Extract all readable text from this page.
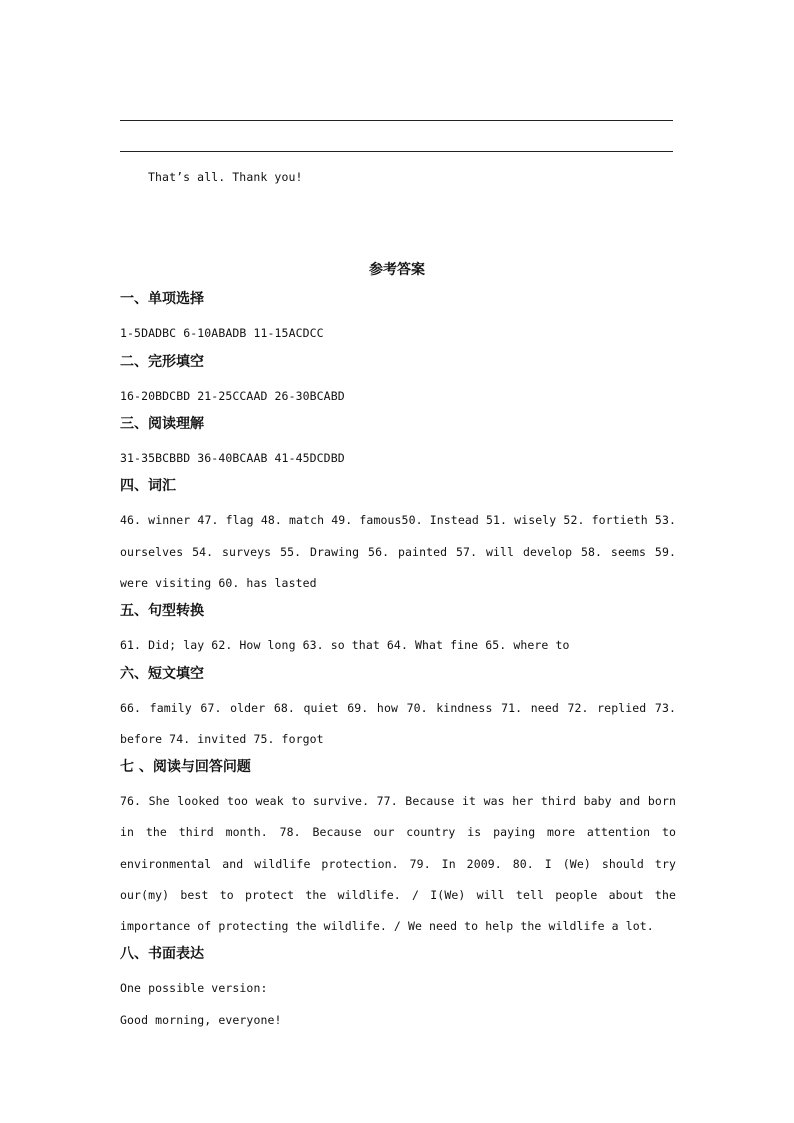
That’s all. Thank you!
参考答案
一、单项选择
1-5DADBC 6-10ABADB 11-15ACDCC
二、完形填空
16-20BDCBD 21-25CCAAD 26-30BCABD
三、阅读理解
31-35BCBBD 36-40BCAAB 41-45DCDBD
四、词汇
46. winner 47. flag 48. match 49. famous50. Instead 51. wisely 52. fortieth 53.
ourselves 54. surveys 55. Drawing 56. painted 57. will develop 58. seems 59.
were visiting 60. has lasted
五、句型转换
61. Did; lay 62. How long 63. so that 64. What fine 65. where to
六、短文填空
66. family 67. older 68. quiet 69. how 70. kindness 71. need 72. replied 73.
before 74. invited 75. forgot
七 、阅读与回答问题
76. She looked too weak to survive. 77. Because it was her third baby and born
in the third month. 78. Because our country is paying more attention to
environmental and wildlife protection. 79. In 2009. 80. I (We) should try
our(my) best to protect the wildlife. / I(We) will tell people about the
importance of protecting the wildlife. / We need to help the wildlife a lot.
八、书面表达
One possible version:
Good morning, everyone!
